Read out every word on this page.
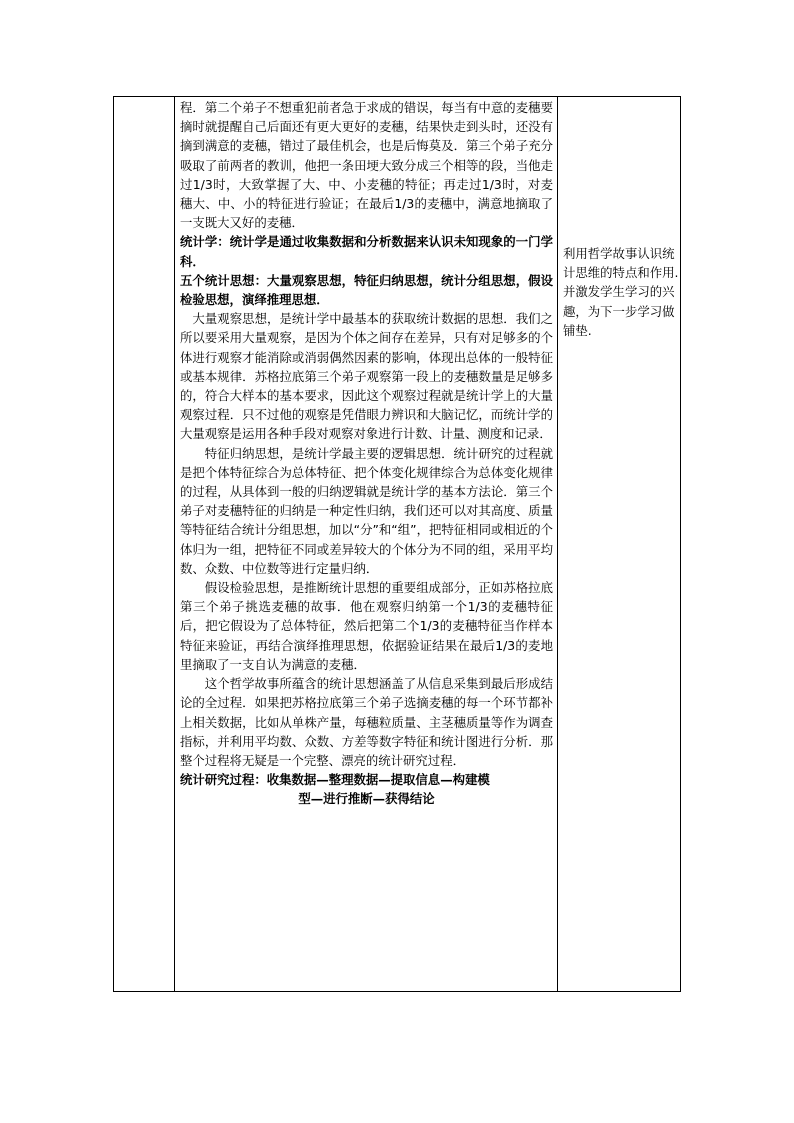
程．第二个弟子不想重犯前者急于求成的错误，每当有中意的麦穗要摘时就提醒自己后面还有更大更好的麦穗，结果快走到头时，还没有摘到满意的麦穗，错过了最佳机会，也是后悔莫及．第三个弟子充分吸取了前两者的教训，他把一条田埂大致分成三个相等的段，当他走过1/3时，大致掌握了大、中、小麦穗的特征；再走过1/3时，对麦穗大、中、小的特征进行验证；在最后1/3的麦穗中，满意地摘取了一支既大又好的麦穗．

统计学：统计学是通过收集数据和分析数据来认识未知现象的一门学科．

五个统计思想：大量观察思想，特征归纳思想，统计分组思想，假设检验思想，演绎推理思想．

大量观察思想，是统计学中最基本的获取统计数据的思想．我们之所以要采用大量观察，是因为个体之间存在差异，只有对足够多的个体进行观察才能消除或消弱偶然因素的影响，体现出总体的一般特征或基本规律．苏格拉底第三个弟子观察第一段上的麦穗数量是足够多的，符合大样本的基本要求，因此这个观察过程就是统计学上的大量观察过程．只不过他的观察是凭借眼力辨识和大脑记忆，而统计学的大量观察是运用各种手段对观察对象进行计数、计量、测度和记录．

特征归纳思想，是统计学最主要的逻辑思想．统计研究的过程就是把个体特征综合为总体特征、把个体变化规律综合为总体变化规律的过程，从具体到一般的归纳逻辑就是统计学的基本方法论．第三个弟子对麦穗特征的归纳是一种定性归纳，我们还可以对其高度、质量等特征结合统计分组思想，加以“分”和“组”，把特征相同或相近的个体归为一组，把特征不同或差异较大的个体分为不同的组，采用平均数、众数、中位数等进行定量归纳．

假设检验思想，是推断统计思想的重要组成部分，正如苏格拉底第三个弟子挑选麦穗的故事．他在观察归纳第一个1/3的麦穗特征后，把它假设为了总体特征，然后把第二个1/3的麦穗特征当作样本特征来验证，再结合演绎推理思想，依据验证结果在最后1/3的麦地里摘取了一支自认为满意的麦穗．

这个哲学故事所蕴含的统计思想涵盖了从信息采集到最后形成结论的全过程．如果把苏格拉底第三个弟子选摘麦穗的每一个环节都补上相关数据，比如从单株产量，每穗粒质量、主茎穗质量等作为调查指标，并利用平均数、众数、方差等数字特征和统计图进行分析．那整个过程将无疑是一个完整、漂亮的统计研究过程．

统计研究过程：收集数据—整理数据—提取信息—构建模

型—进行推断—获得结论

利用哲学故事认识统计思维的特点和作用.并激发学生学习的兴趣，为下一步学习做铺垫.
